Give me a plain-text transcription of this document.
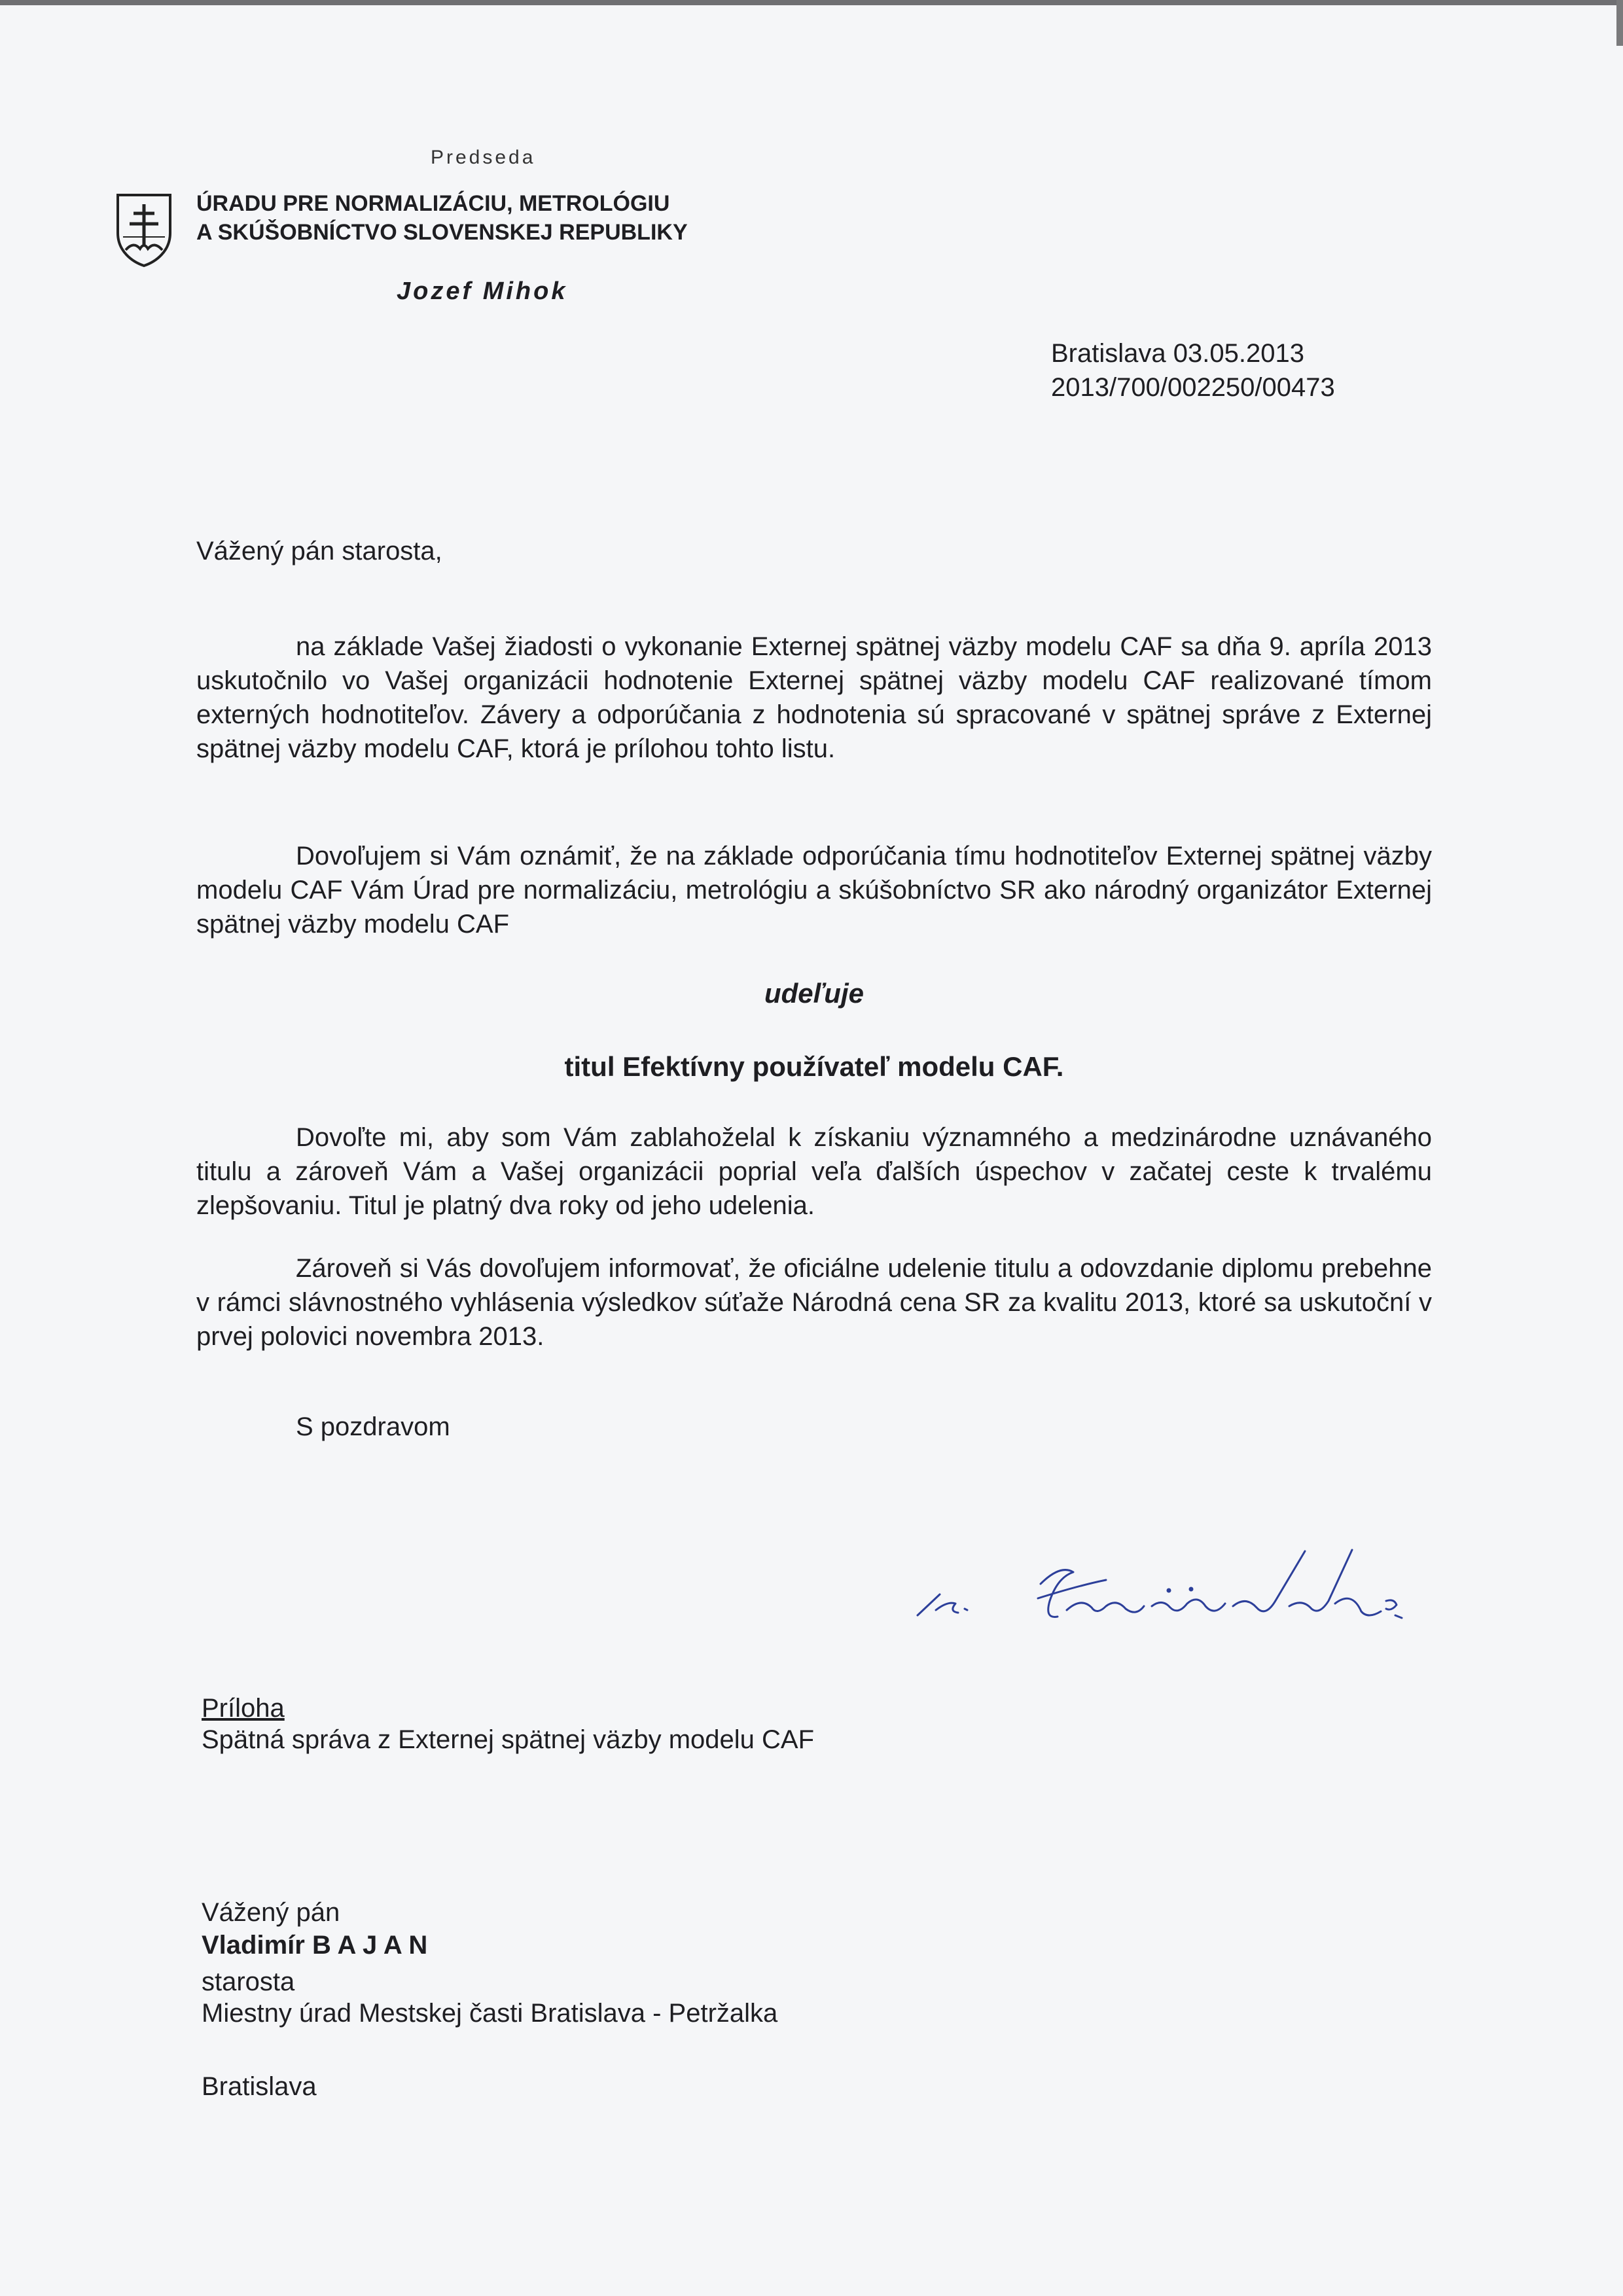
Predseda
ÚRADU PRE NORMALIZÁCIU, METROLÓGIU
A SKÚŠOBNÍCTVO SLOVENSKEJ REPUBLIKY
Jozef Mihok
Bratislava 03.05.2013
2013/700/002250/00473
Vážený pán starosta,
na základe Vašej žiadosti o vykonanie Externej spätnej väzby modelu CAF sa dňa 9. apríla 2013 uskutočnilo vo Vašej organizácii hodnotenie Externej spätnej väzby modelu CAF realizované tímom externých hodnotiteľov. Závery a odporúčania z hodnotenia sú spracované v spätnej správe z Externej spätnej väzby modelu CAF, ktorá je prílohou tohto listu.
Dovoľujem si Vám oznámiť, že na základe odporúčania tímu hodnotiteľov Externej spätnej väzby modelu CAF Vám Úrad pre normalizáciu, metrológiu a skúšobníctvo SR ako národný organizátor Externej spätnej väzby modelu CAF
udeľuje
titul Efektívny používateľ modelu CAF.
Dovoľte mi, aby som Vám zablahoželal k získaniu významného a medzinárodne uznávaného titulu a zároveň Vám a Vašej organizácii poprial veľa ďalších úspechov v začatej ceste k trvalému zlepšovaniu. Titul je platný dva roky od jeho udelenia.
Zároveň si Vás dovoľujem informovať, že oficiálne udelenie titulu a odovzdanie diplomu prebehne v rámci slávnostného vyhlásenia výsledkov súťaže Národná cena SR za kvalitu 2013, ktoré sa uskutoční v prvej polovici novembra 2013.
S pozdravom
Príloha
Spätná správa z Externej spätnej väzby modelu CAF
Vážený pán
Vladimír B A J A N
starosta
Miestny úrad Mestskej časti Bratislava - Petržalka
Bratislava
